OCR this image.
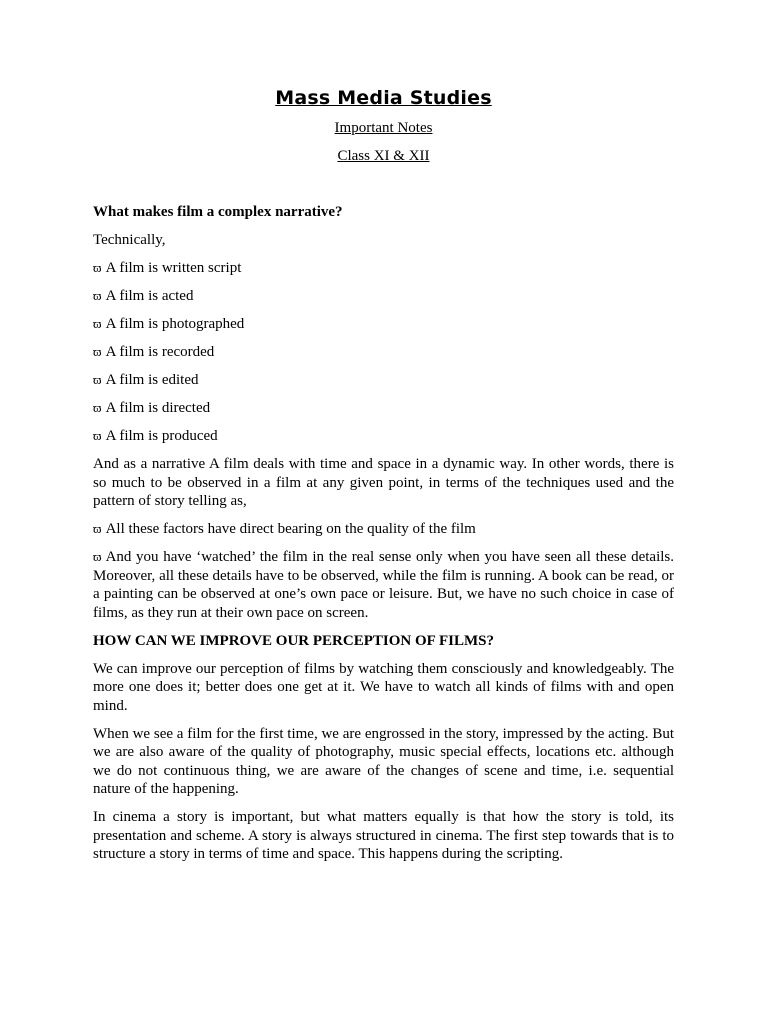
Mass Media Studies

Important Notes

Class XI & XII

What makes film a complex narrative?

Technically,

ϖ A film is written script

ϖ A film is acted

ϖ A film is photographed

ϖ A film is recorded

ϖ A film is edited

ϖ A film is directed

ϖ A film is produced

And as a narrative A film deals with time and space in a dynamic way. In other words, there is so much to be observed in a film at any given point, in terms of the techniques used and the pattern of story telling as,

ϖ All these factors have direct bearing on the quality of the film

ϖ And you have ‘watched’ the film in the real sense only when you have seen all these details. Moreover, all these details have to be observed, while the film is running. A book can be read, or a painting can be observed at one’s own pace or leisure. But, we have no such choice in case of films, as they run at their own pace on screen.

HOW CAN WE IMPROVE OUR PERCEPTION OF FILMS?

We can improve our perception of films by watching them consciously and knowledgeably. The more one does it; better does one get at it. We have to watch all kinds of films with and open mind.

When we see a film for the first time, we are engrossed in the story, impressed by the acting. But we are also aware of the quality of photography, music special effects, locations etc. although we do not continuous thing, we are aware of the changes of scene and time, i.e. sequential nature of the happening.

In cinema a story is important, but what matters equally is that how the story is told, its presentation and scheme. A story is always structured in cinema. The first step towards that is to structure a story in terms of time and space. This happens during the scripting.
